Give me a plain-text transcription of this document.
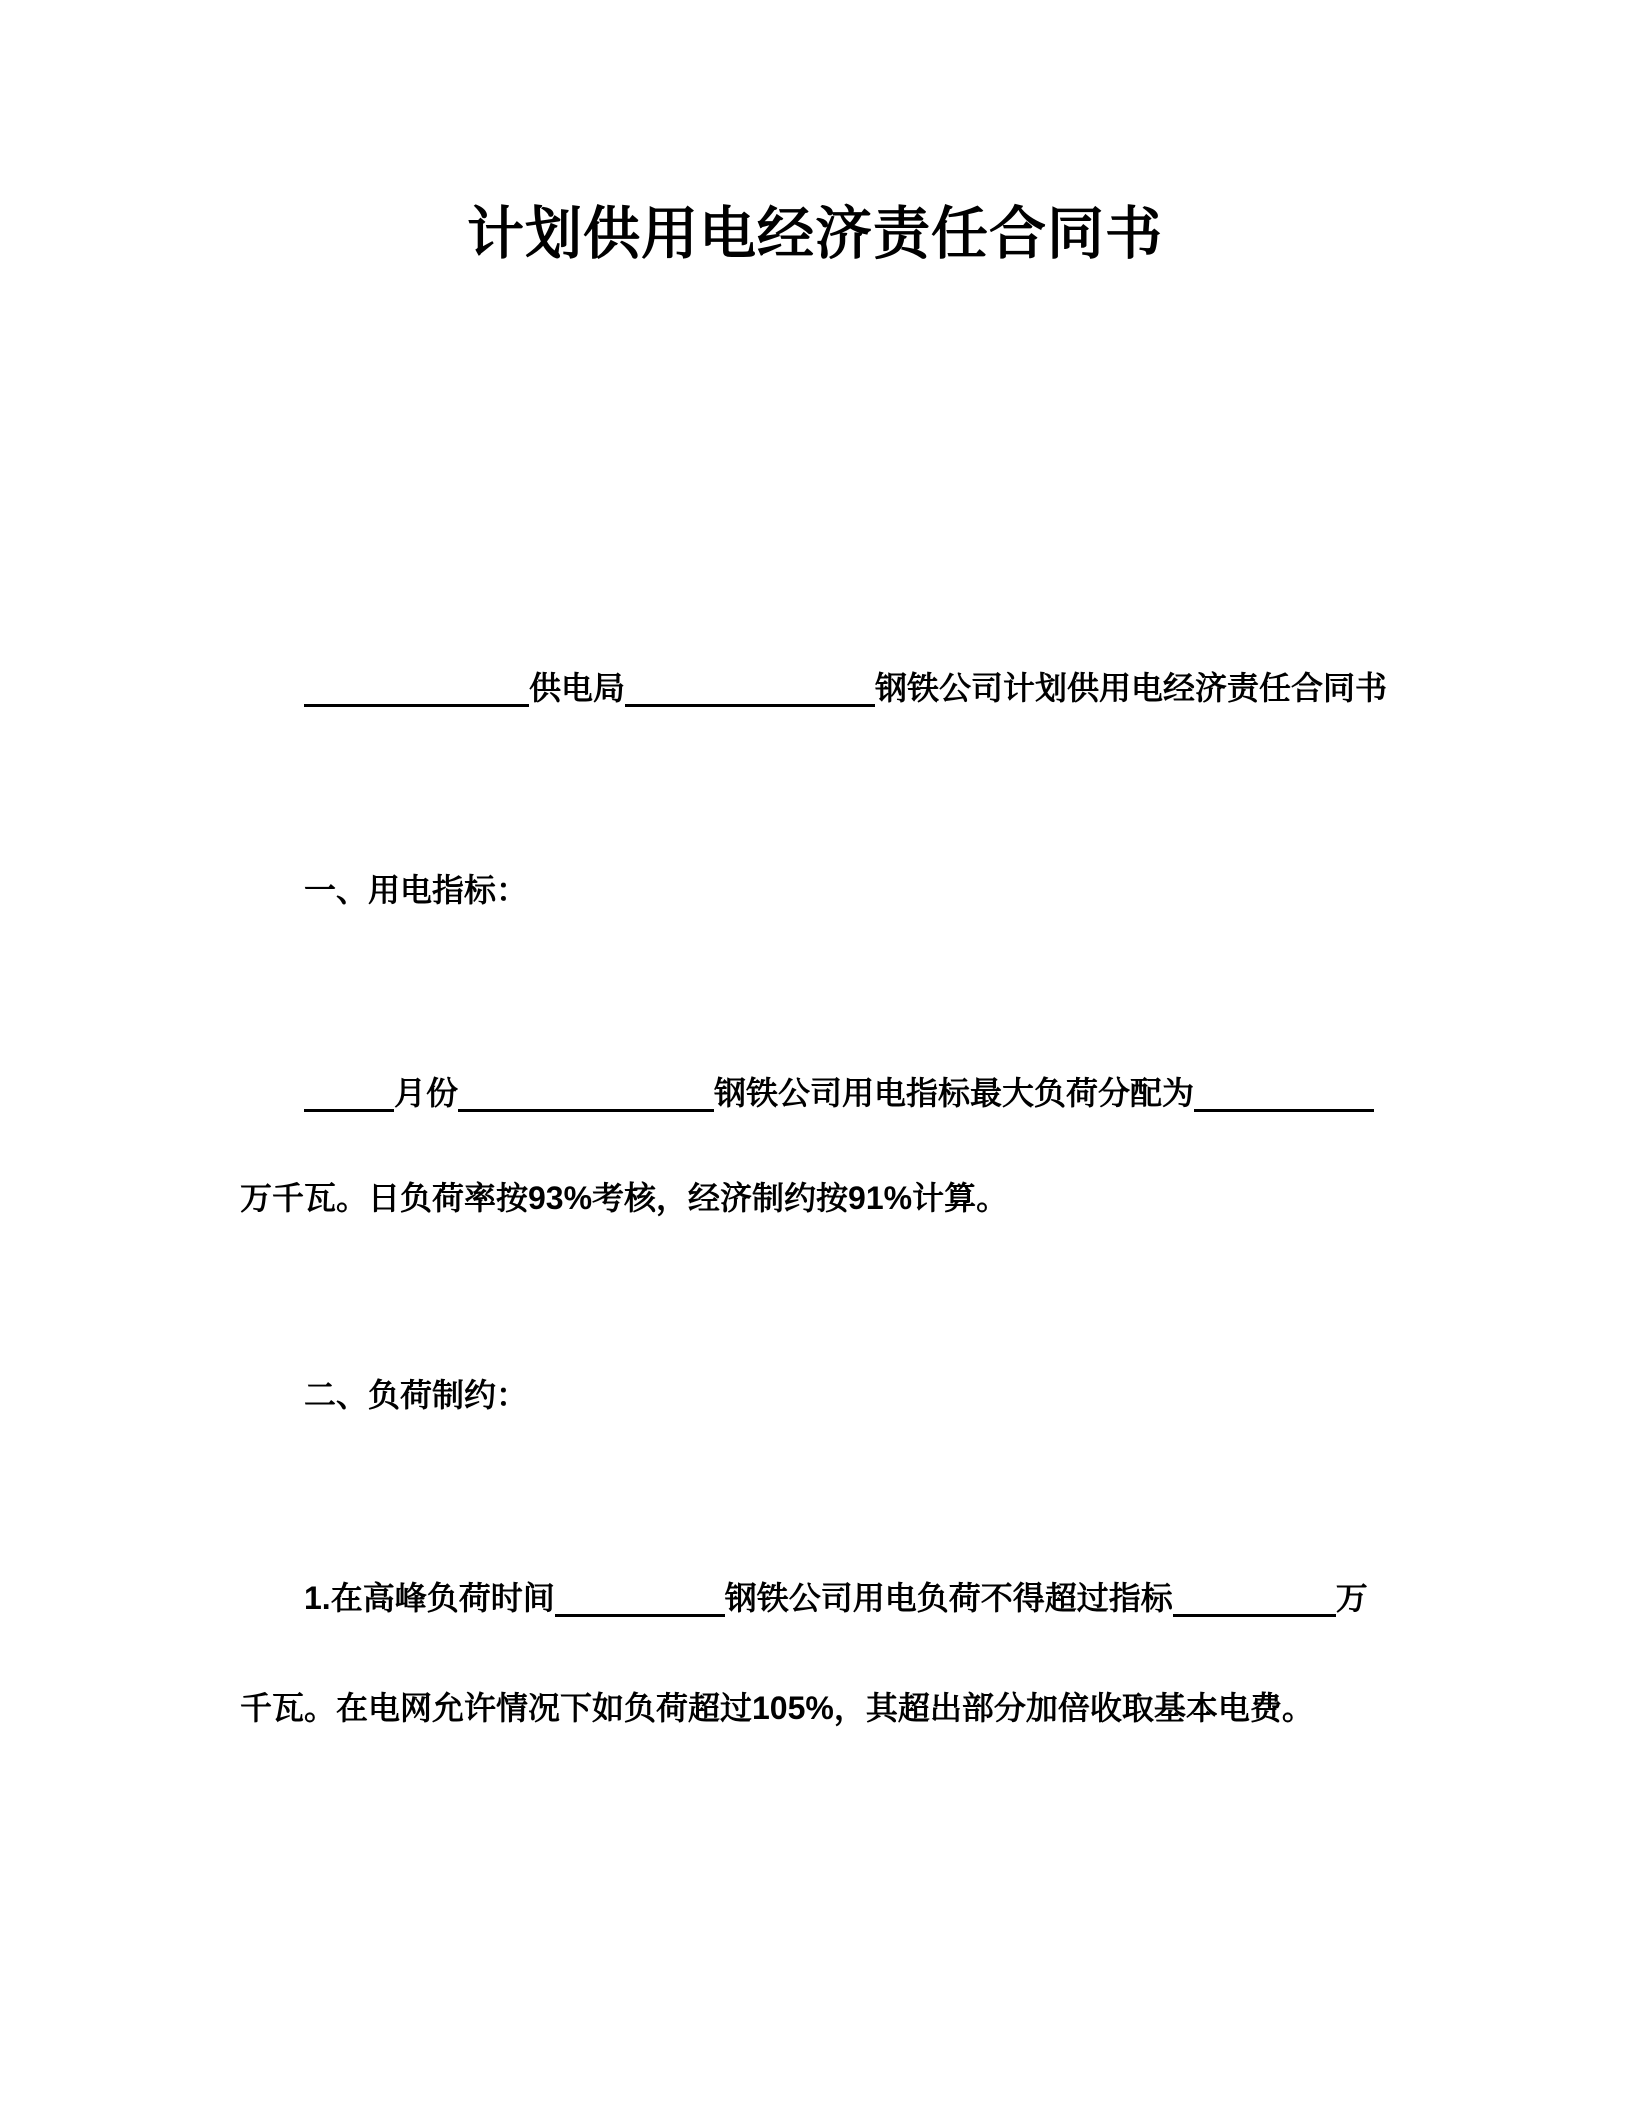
计划供用电经济责任合同书

供电局	钢铁公司计划供用电经济责任合同书

一、用电指标：

月份	钢铁公司用电指标最大负荷分配为

万千瓦。日负荷率按93%考核，经济制约按91%计算。

二、负荷制约：

1.在高峰负荷时间	钢铁公司用电负荷不得超过指标	万

千瓦。在电网允许情况下如负荷超过105%，其超出部分加倍收取基本电费。
